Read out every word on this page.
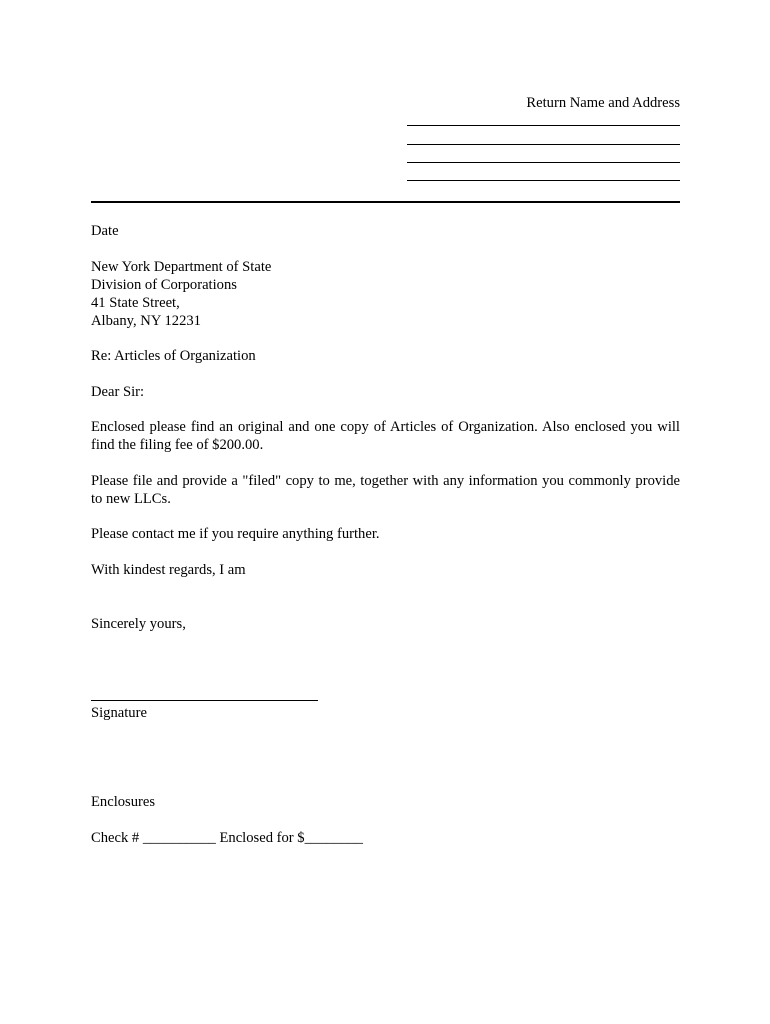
Return Name and Address
Date
New York Department of State
Division of Corporations
41 State Street,
Albany, NY 12231
Re: Articles of Organization
Dear Sir:
Enclosed please find an original and one copy of Articles of Organization. Also enclosed you will find the filing fee of $200.00.
Please file and provide a "filed" copy to me, together with any information you commonly provide to new LLCs.
Please contact me if you require anything further.
With kindest regards, I am
Sincerely yours,
Signature
Enclosures
Check # __________ Enclosed for $________
